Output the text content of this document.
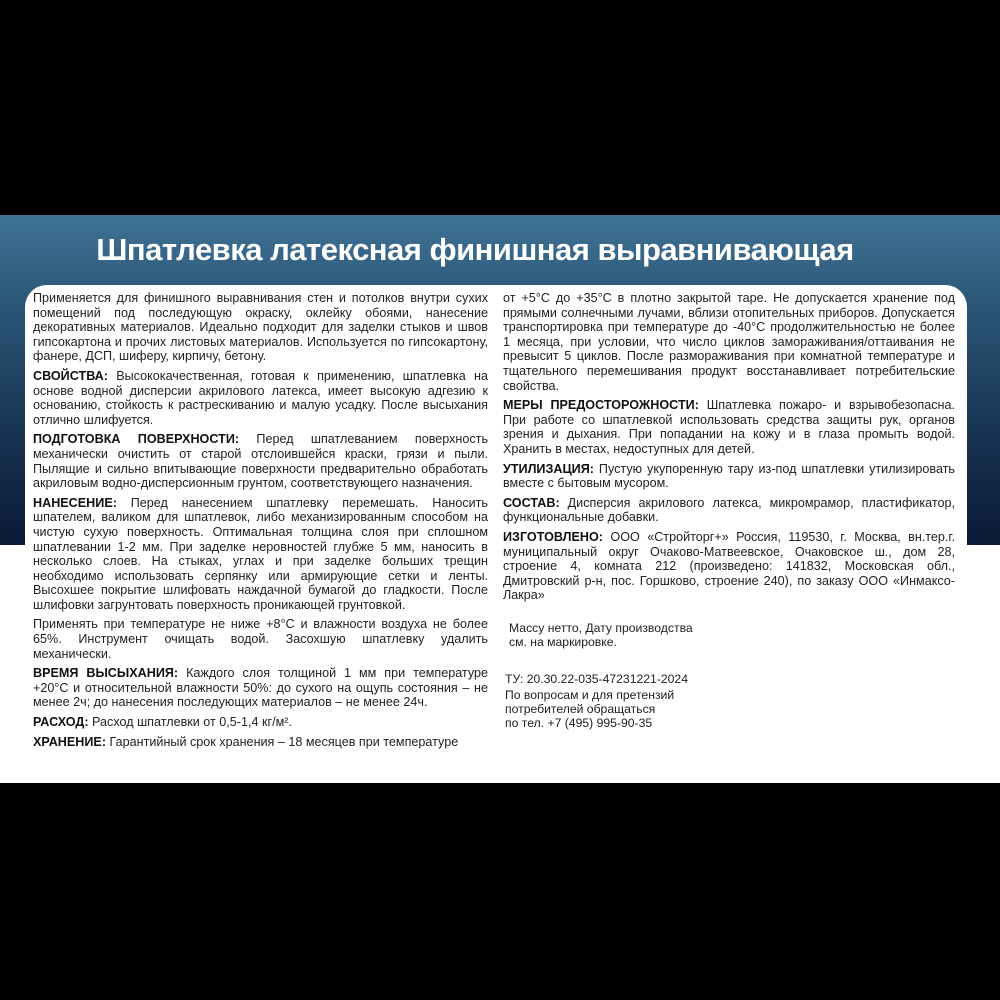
Шпатлевка латексная финишная выравнивающая

Применяется для финишного выравнивания стен и потолков внутри сухих помещений под последующую окраску, оклейку обоями, нанесение декоративных материалов. Идеально подходит для заделки стыков и швов гипсокартона и прочих листовых материалов. Используется по гипсокартону, фанере, ДСП, шиферу, кирпичу, бетону.

СВОЙСТВА: Высококачественная, готовая к применению, шпатлевка на основе водной дисперсии акрилового латекса, имеет высокую адгезию к основанию, стойкость к растрескиванию и малую усадку. После высыхания отлично шлифуется.

ПОДГОТОВКА ПОВЕРХНОСТИ: Перед шпатлеванием поверхность механически очистить от старой отслоившейся краски, грязи и пыли. Пылящие и сильно впитывающие поверхности предварительно обработать акриловым водно-дисперсионным грунтом, соответствующего назначения.

НАНЕСЕНИЕ: Перед нанесением шпатлевку перемешать. Наносить шпателем, валиком для шпатлевок, либо механизированным способом на чистую сухую поверхность. Оптимальная толщина слоя при сплошном шпатлевании 1-2 мм. При заделке неровностей глубже 5 мм, наносить в несколько слоев. На стыках, углах и при заделке больших трещин необходимо использовать серпянку или армирующие сетки и ленты. Высохшее покрытие шлифовать наждачной бумагой до гладкости. После шлифовки загрунтовать поверхность проникающей грунтовкой.

Применять при температуре не ниже +8°С и влажности воздуха не более 65%. Инструмент очищать водой. Засохшую шпатлевку удалить механически.

ВРЕМЯ ВЫСЫХАНИЯ: Каждого слоя толщиной 1 мм при температуре +20°С и относительной влажности 50%: до сухого на ощупь состояния – не менее 2ч; до нанесения последующих материалов – не менее 24ч.

РАСХОД: Расход шпатлевки от 0,5-1,4 кг/м².

ХРАНЕНИЕ: Гарантийный срок хранения – 18 месяцев при температуре

от +5°С до +35°С в плотно закрытой таре. Не допускается хранение под прямыми солнечными лучами, вблизи отопительных приборов. Допускается транспортировка при температуре до -40°С продолжительностью не более 1 месяца, при условии, что число циклов замораживания/оттаивания не превысит 5 циклов. После размораживания при комнатной температуре и тщательного перемешивания продукт восстанавливает потребительские свойства.

МЕРЫ ПРЕДОСТОРОЖНОСТИ: Шпатлевка пожаро- и взрывобезопасна. При работе со шпатлевкой использовать средства защиты рук, органов зрения и дыхания. При попадании на кожу и в глаза промыть водой. Хранить в местах, недоступных для детей.

УТИЛИЗАЦИЯ: Пустую укупоренную тару из-под шпатлевки утилизировать вместе с бытовым мусором.

СОСТАВ: Дисперсия акрилового латекса, микромрамор, пластификатор, функциональные добавки.

ИЗГОТОВЛЕНО: ООО «Стройторг+» Россия, 119530, г. Москва, вн.тер.г. муниципальный округ Очаково-Матвеевское, Очаковское ш., дом 28, строение 4, комната 212 (произведено: 141832, Московская обл., Дмитровский р-н, пос. Горшково, строение 240), по заказу ООО «Инмаксо-Лакра»

Массу нетто, Дату производства

см. на маркировке.

ТУ: 20.30.22-035-47231221-2024

По вопросам и для претензий

потребителей обращаться

по тел. +7 (495) 995-90-35
